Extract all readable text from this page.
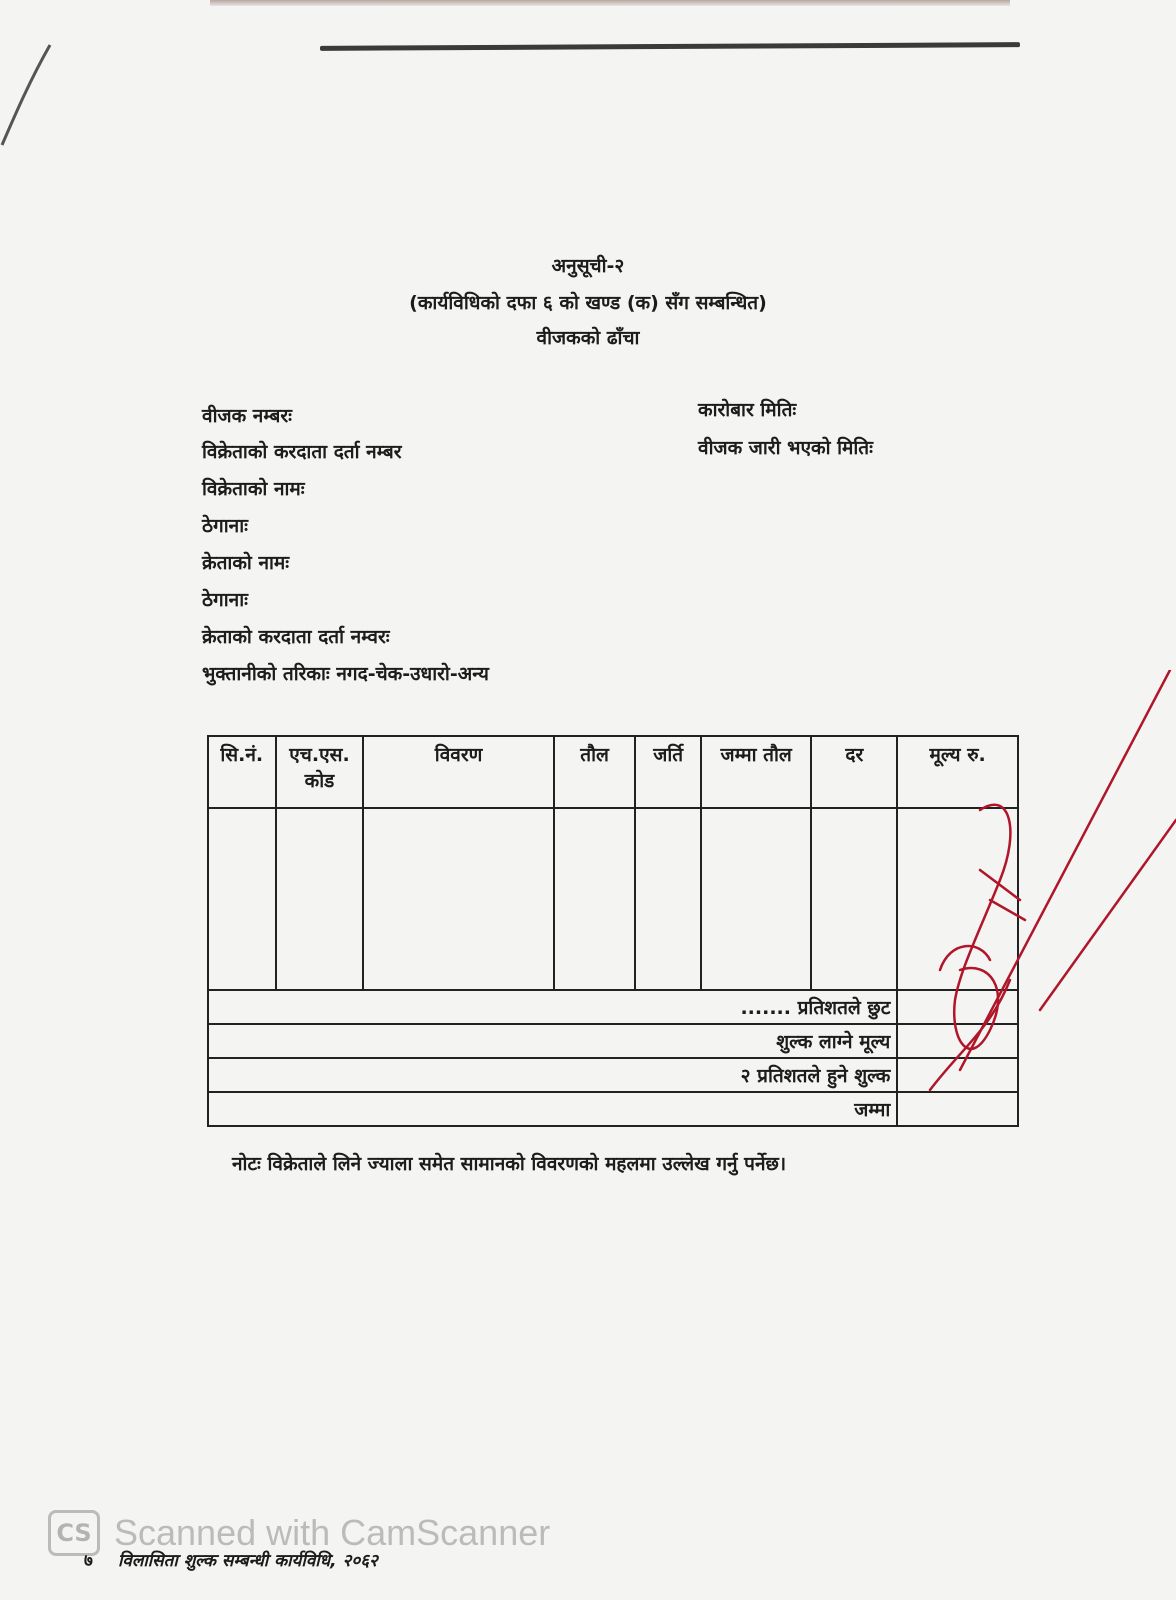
अनुसूची-२
(कार्यविधिको दफा ६ को खण्ड (क) सँग सम्बन्धित)
वीजकको ढाँचा
वीजक नम्बरः
विक्रेताको करदाता दर्ता नम्बर
विक्रेताको नामः
ठेगानाः
क्रेताको नामः
ठेगानाः
क्रेताको करदाता दर्ता नम्वरः
भुक्तानीको तरिकाः नगद-चेक-उधारो-अन्य
कारोबार मितिः
वीजक जारी भएको मितिः
सि.नं.	एच.एस. कोड	विवरण	तौल	जर्ति	जम्मा तौल	दर	मूल्य रु.

....... प्रतिशतले छुट							
शुल्क लाग्ने मूल्य							
२ प्रतिशतले हुने शुल्क							
जम्मा							
नोटः विक्रेताले लिने ज्याला समेत सामानको विवरणको महलमा उल्लेख गर्नु पर्नेछ।
CS Scanned with CamScanner
७ विलासिता शुल्क सम्बन्धी कार्यविधि, २०६२
